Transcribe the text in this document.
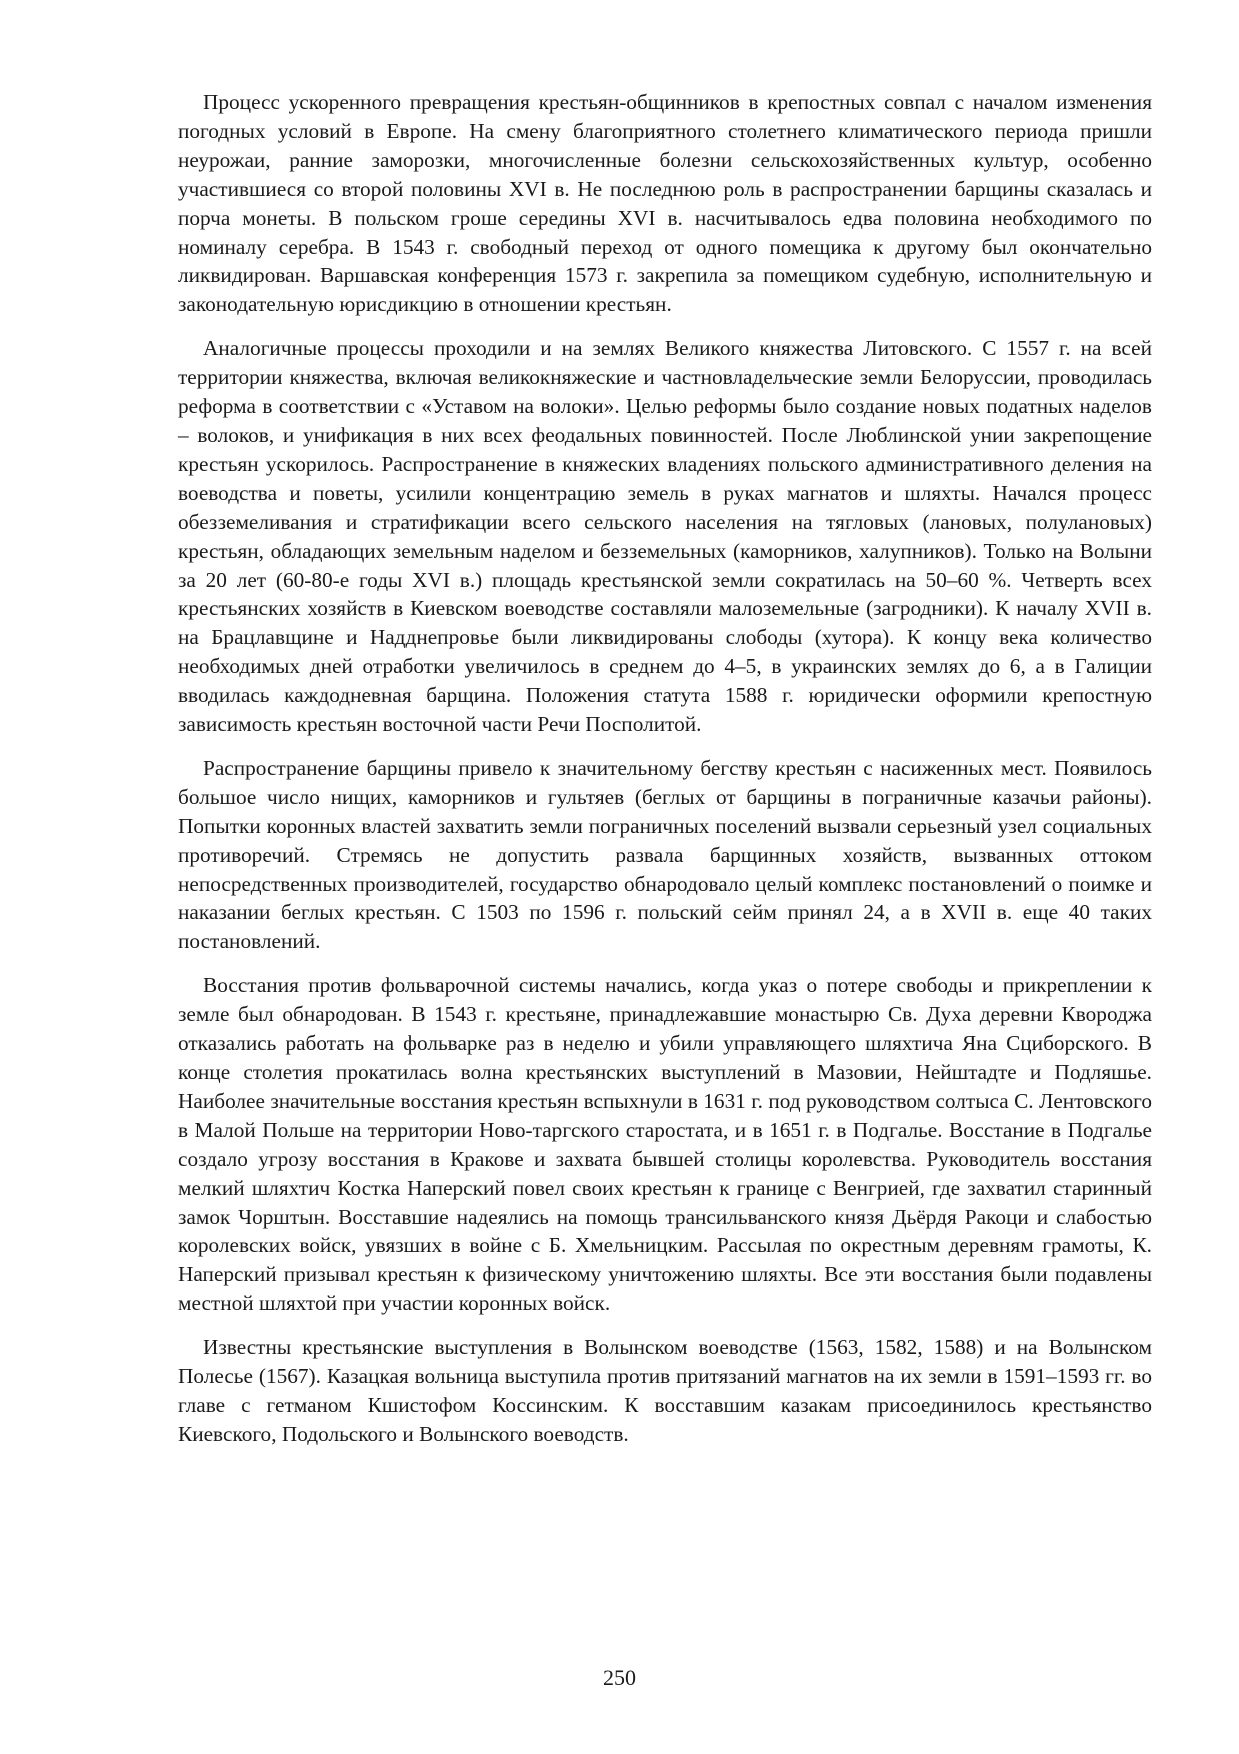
Процесс ускоренного превращения крестьян-общинников в крепостных совпал с началом изменения погодных условий в Европе. На смену благоприятного столетнего климатического периода пришли неурожаи, ранние заморозки, многочисленные болезни сельскохозяйственных культур, особенно участившиеся со второй половины XVI в. Не последнюю роль в распространении барщины сказалась и порча монеты. В польском гроше середины XVI в. насчитывалось едва половина необходимого по номиналу серебра. В 1543 г. свободный переход от одного помещика к другому был окончательно ликвидирован. Варшавская конференция 1573 г. закрепила за помещиком судебную, исполнительную и законодательную юрисдикцию в отношении крестьян.

Аналогичные процессы проходили и на землях Великого княжества Литовского. С 1557 г. на всей территории княжества, включая великокняжеские и частновладельческие земли Белоруссии, проводилась реформа в соответствии с «Уставом на волоки». Целью реформы было создание новых податных наделов – волоков, и унификация в них всех феодальных повинностей. После Люблинской унии закрепощение крестьян ускорилось. Распространение в княжеских владениях польского административного деления на воеводства и поветы, усилили концентрацию земель в руках магнатов и шляхты. Начался процесс обезземеливания и стратификации всего сельского населения на тягловых (лановых, полулановых) крестьян, обладающих земельным наделом и безземельных (каморников, халупников). Только на Волыни за 20 лет (60-80-е годы XVI в.) площадь крестьянской земли сократилась на 50–60 %. Четверть всех крестьянских хозяйств в Киевском воеводстве составляли малоземельные (загродники). К началу XVII в. на Брацлавщине и Надднепровье были ликвидированы слободы (хутора). К концу века количество необходимых дней отработки увеличилось в среднем до 4–5, в украинских землях до 6, а в Галиции вводилась каждодневная барщина. Положения статута 1588 г. юридически оформили крепостную зависимость крестьян восточной части Речи Посполитой.

Распространение барщины привело к значительному бегству крестьян с насиженных мест. Появилось большое число нищих, каморников и гультяев (беглых от барщины в пограничные казачьи районы). Попытки коронных властей захватить земли пограничных поселений вызвали серьезный узел социальных противоречий. Стремясь не допустить развала барщинных хозяйств, вызванных оттоком непосредственных производителей, государство обнародовало целый комплекс постановлений о поимке и наказании беглых крестьян. С 1503 по 1596 г. польский сейм принял 24, а в XVII в. еще 40 таких постановлений.

Восстания против фольварочной системы начались, когда указ о потере свободы и прикреплении к земле был обнародован. В 1543 г. крестьяне, принадлежавшие монастырю Св. Духа деревни Квороджа отказались работать на фольварке раз в неделю и убили управляющего шляхтича Яна Сциборского. В конце столетия прокатилась волна крестьянских выступлений в Мазовии, Нейштадте и Подляшье. Наиболее значительные восстания крестьян вспыхнули в 1631 г. под руководством солтыса С. Лентовского в Малой Польше на территории Ново-таргского старостата, и в 1651 г. в Подгалье. Восстание в Подгалье создало угрозу восстания в Кракове и захвата бывшей столицы королевства. Руководитель восстания мелкий шляхтич Костка Наперский повел своих крестьян к границе с Венгрией, где захватил старинный замок Чорштын. Восставшие надеялись на помощь трансильванского князя Дьёрдя Ракоци и слабостью королевских войск, увязших в войне с Б. Хмельницким. Рассылая по окрестным деревням грамоты, К. Наперский призывал крестьян к физическому уничтожению шляхты. Все эти восстания были подавлены местной шляхтой при участии коронных войск.

Известны крестьянские выступления в Волынском воеводстве (1563, 1582, 1588) и на Волынском Полесье (1567). Казацкая вольница выступила против притязаний магнатов на их земли в 1591–1593 гг. во главе с гетманом Кшистофом Коссинским. К восставшим казакам присоединилось крестьянство Киевского, Подольского и Волынского воеводств.

250
